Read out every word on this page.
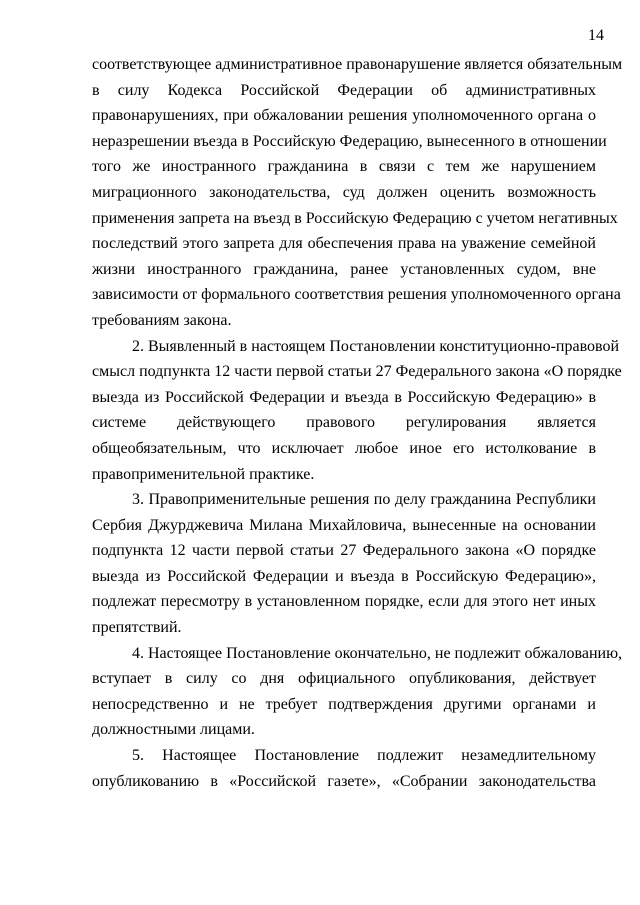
14
соответствующее административное правонарушение является обязательным
в силу Кодекса Российской Федерации об административных
правонарушениях, при обжаловании решения уполномоченного органа о
неразрешении въезда в Российскую Федерацию, вынесенного в отношении
того же иностранного гражданина в связи с тем же нарушением
миграционного законодательства, суд должен оценить возможность
применения запрета на въезд в Российскую Федерацию с учетом негативных
последствий этого запрета для обеспечения права на уважение семейной
жизни иностранного гражданина, ранее установленных судом, вне
зависимости от формального соответствия решения уполномоченного органа
требованиям закона.
2. Выявленный в настоящем Постановлении конституционно-правовой
смысл подпункта 12 части первой статьи 27 Федерального закона «О порядке
выезда из Российской Федерации и въезда в Российскую Федерацию» в
системе действующего правового регулирования является
общеобязательным, что исключает любое иное его истолкование в
правоприменительной практике.
3. Правоприменительные решения по делу гражданина Республики
Сербия Джурджевича Милана Михайловича, вынесенные на основании
подпункта 12 части первой статьи 27 Федерального закона «О порядке
выезда из Российской Федерации и въезда в Российскую Федерацию»,
подлежат пересмотру в установленном порядке, если для этого нет иных
препятствий.
4. Настоящее Постановление окончательно, не подлежит обжалованию,
вступает в силу со дня официального опубликования, действует
непосредственно и не требует подтверждения другими органами и
должностными лицами.
5. Настоящее Постановление подлежит незамедлительному
опубликованию в «Российской газете», «Собрании законодательства
